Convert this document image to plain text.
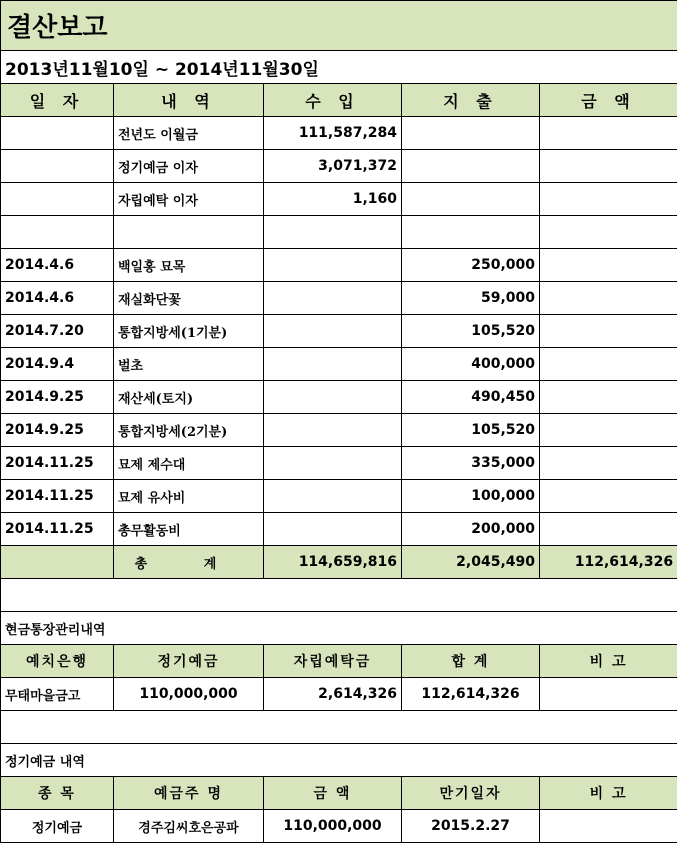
결산보고				
2013년11월10일 ~ 2014년11월30일				
일 자	내 역	수 입	지 출	금 액
	전년도 이월금	111,587,284		
	정기예금 이자	3,071,372		
	자립예탁 이자	1,160		

2014.4.6	백일홍 묘목		250,000	
2014.4.6	재실화단꽃		59,000	
2014.7.20	통합지방세(1기분)		105,520	
2014.9.4	벌초		400,000	
2014.9.25	재산세(토지)		490,450	
2014.9.25	통합지방세(2기분)		105,520	
2014.11.25	묘제 제수대		335,000	
2014.11.25	묘제 유사비		100,000	
2014.11.25	총무활동비		200,000	
	총 계	114,659,816	2,045,490	112,614,326

현금통장관리내역				
예치은행	정기예금	자립예탁금	합 계	비 고
무태마을금고	110,000,000	2,614,326	112,614,326	

정기예금 내역				
종 목	예금주 명	금 액	만기일자	비 고
정기예금	경주김씨호은공파	110,000,000	2015.2.27	
